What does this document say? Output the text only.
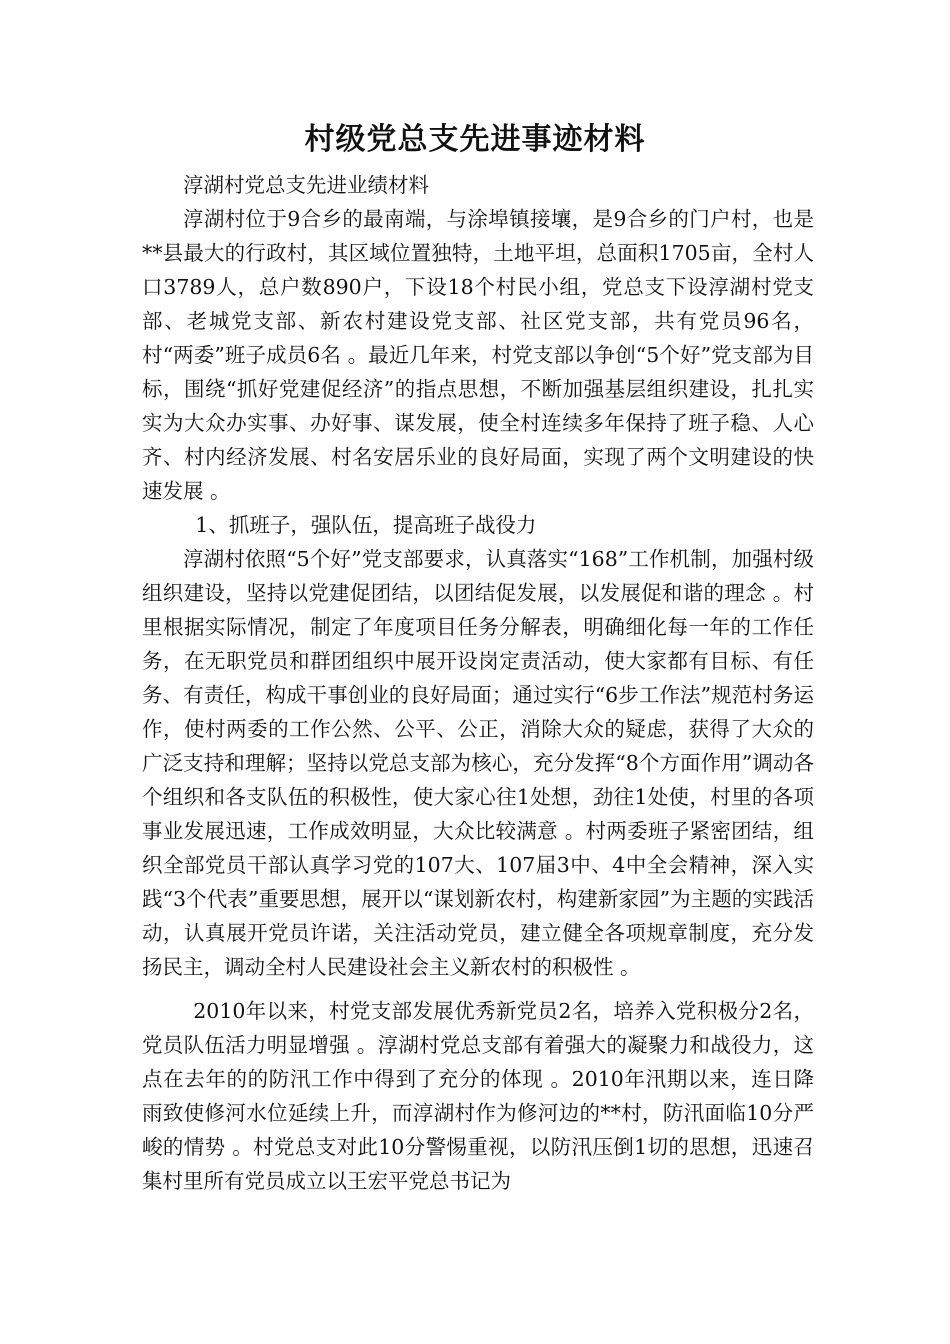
村级党总支先进事迹材料

淳湖村党总支先进业绩材料

淳湖村位于9合乡的最南端，与涂埠镇接壤，是9合乡的门户村，也是**县最大的行政村，其区域位置独特，土地平坦，总面积1705亩，全村人口3789人，总户数890户，下设18个村民小组，党总支下设淳湖村党支部、老城党支部、新农村建设党支部、社区党支部，共有党员96名，村“两委”班子成员6名 。最近几年来，村党支部以争创“5个好”党支部为目标，围绕“抓好党建促经济”的指点思想，不断加强基层组织建设，扎扎实实为大众办实事、办好事、谋发展，使全村连续多年保持了班子稳、人心齐、村内经济发展、村名安居乐业的良好局面，实现了两个文明建设的快速发展 。

1、抓班子，强队伍，提高班子战役力

淳湖村依照“5个好”党支部要求，认真落实“168”工作机制，加强村级组织建设，坚持以党建促团结，以团结促发展，以发展促和谐的理念 。村里根据实际情况，制定了年度项目任务分解表，明确细化每一年的工作任务，在无职党员和群团组织中展开设岗定责活动，使大家都有目标、有任务、有责任，构成干事创业的良好局面；通过实行“6步工作法”规范村务运作，使村两委的工作公然、公平、公正，消除大众的疑虑，获得了大众的广泛支持和理解；坚持以党总支部为核心，充分发挥“8个方面作用”调动各个组织和各支队伍的积极性，使大家心往1处想，劲往1处使，村里的各项事业发展迅速，工作成效明显，大众比较满意 。村两委班子紧密团结，组织全部党员干部认真学习党的107大、107届3中、4中全会精神，深入实践“3个代表”重要思想，展开以“谋划新农村，构建新家园”为主题的实践活动，认真展开党员许诺，关注活动党员，建立健全各项规章制度，充分发扬民主，调动全村人民建设社会主义新农村的积极性 。

2010年以来，村党支部发展优秀新党员2名，培养入党积极分2名，党员队伍活力明显增强 。淳湖村党总支部有着强大的凝聚力和战役力，这点在去年的的防汛工作中得到了充分的体现 。2010年汛期以来，连日降雨致使修河水位延续上升，而淳湖村作为修河边的**村，防汛面临10分严峻的情势 。村党总支对此10分警惕重视，以防汛压倒1切的思想，迅速召集村里所有党员成立以王宏平党总书记为
